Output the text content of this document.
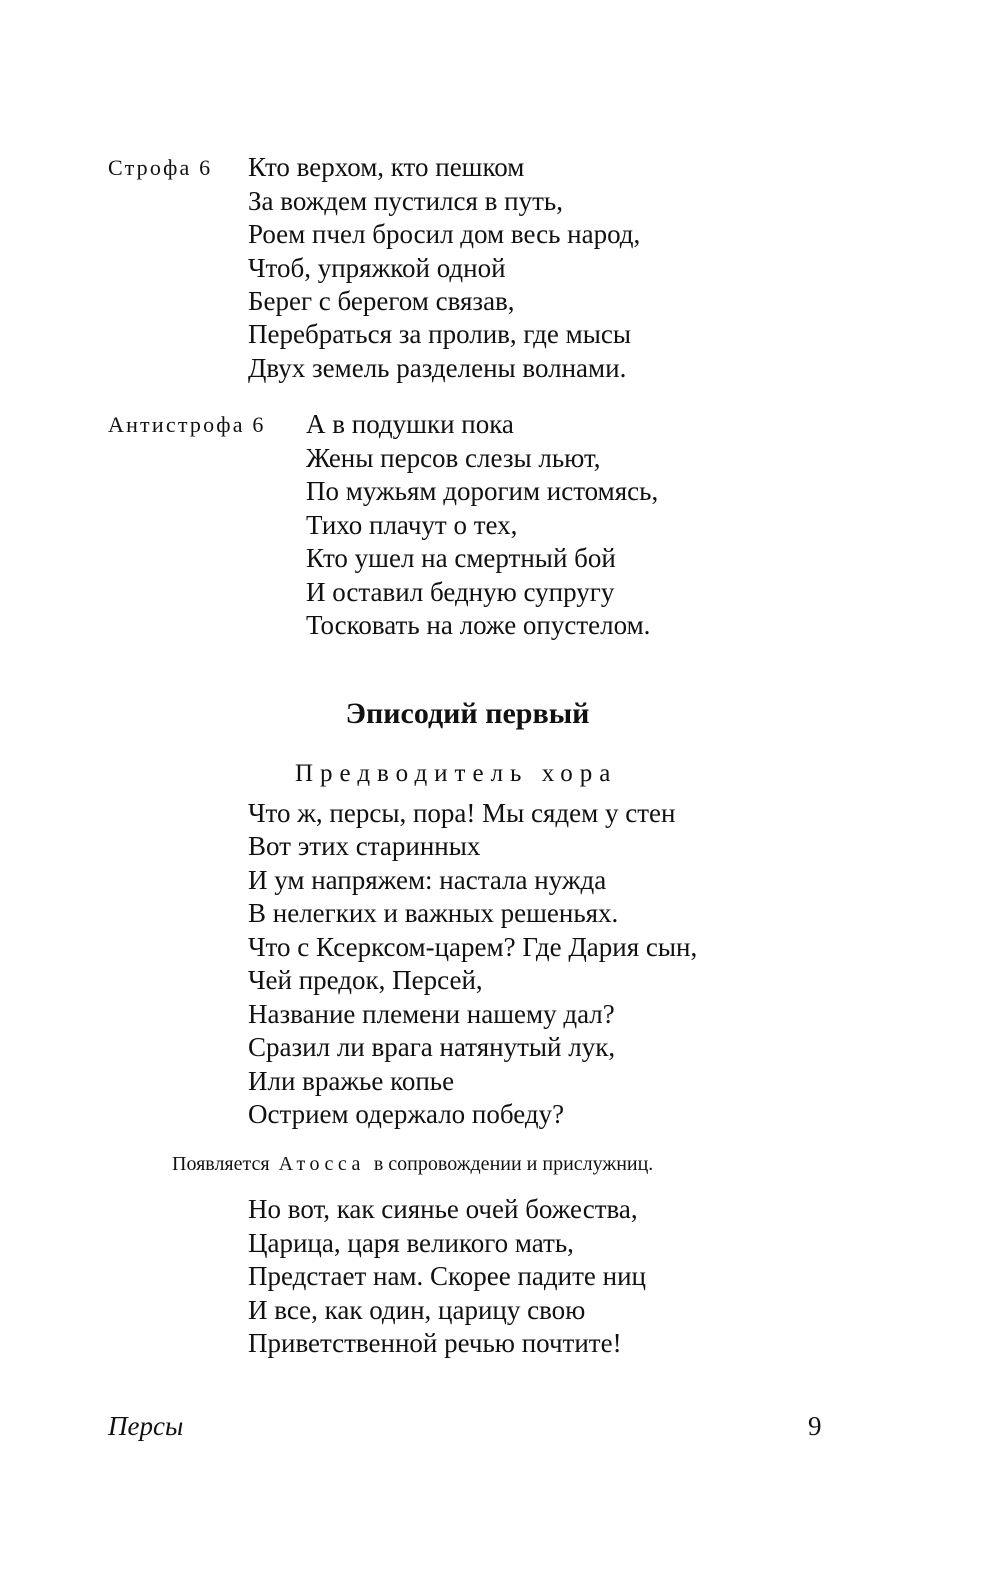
Строфа 6 Кто верхом, кто пешком
За вождем пустился в путь,
Роем пчел бросил дом весь народ,
Чтоб, упряжкой одной
Берег с берегом связав,
Перебраться за пролив, где мысы
Двух земель разделены волнами.
Антистрофа 6 А в подушки пока
Жены персов слезы льют,
По мужьям дорогим истомясь,
Тихо плачут о тех,
Кто ушел на смертный бой
И оставил бедную супругу
Тосковать на ложе опустелом.
Эписодий первый
Предводитель хора
Что ж, персы, пора! Мы сядем у стен
Вот этих старинных
И ум напряжем: настала нужда
В нелегких и важных решеньях.
Что с Ксерксом-царем? Где Дария сын,
Чей предок, Персей,
Название племени нашему дал?
Сразил ли врага натянутый лук,
Или вражье копье
Острием одержало победу?
Появляется Атосса в сопровождении и прислужниц.
Но вот, как сиянье очей божества,
Царица, царя великого мать,
Предстает нам. Скорее падите ниц
И все, как один, царицу свою
Приветственной речью почтите!
Персы	9
